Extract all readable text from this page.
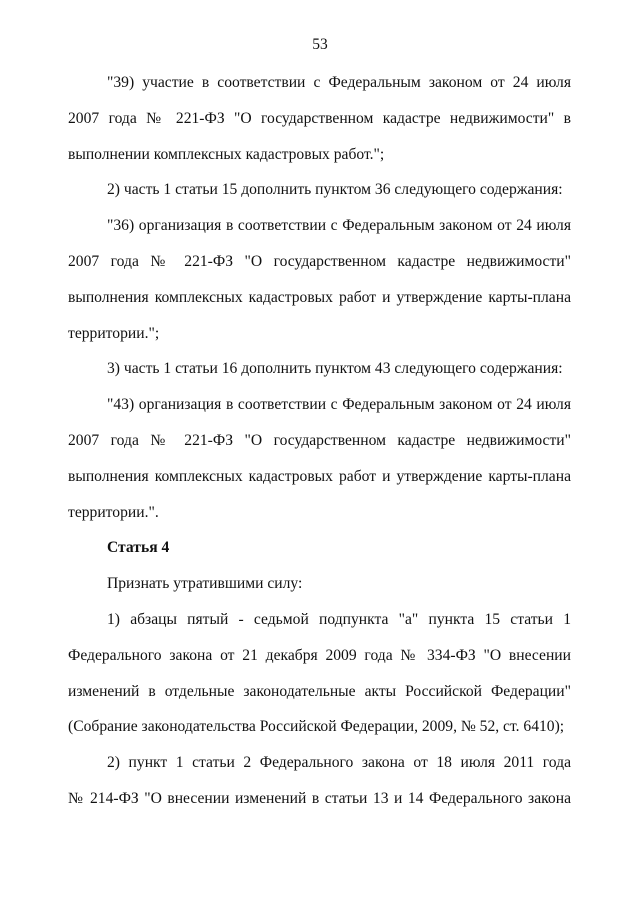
53
"39) участие в соответствии с Федеральным законом от 24 июля
2007 года № 221-ФЗ "О государственном кадастре недвижимости" в
выполнении комплексных кадастровых работ.";
2) часть 1 статьи 15 дополнить пунктом 36 следующего содержания:
"36) организация в соответствии с Федеральным законом от 24 июля
2007 года № 221-ФЗ "О государственном кадастре недвижимости"
выполнения комплексных кадастровых работ и утверждение карты-плана
территории.";
3) часть 1 статьи 16 дополнить пунктом 43 следующего содержания:
"43) организация в соответствии с Федеральным законом от 24 июля
2007 года № 221-ФЗ "О государственном кадастре недвижимости"
выполнения комплексных кадастровых работ и утверждение карты-плана
территории.".
Статья 4
Признать утратившими силу:
1) абзацы пятый - седьмой подпункта "а" пункта 15 статьи 1
Федерального закона от 21 декабря 2009 года № 334-ФЗ "О внесении
изменений в отдельные законодательные акты Российской Федерации"
(Собрание законодательства Российской Федерации, 2009, № 52, ст. 6410);
2) пункт 1 статьи 2 Федерального закона от 18 июля 2011 года
№ 214-ФЗ "О внесении изменений в статьи 13 и 14 Федерального закона
